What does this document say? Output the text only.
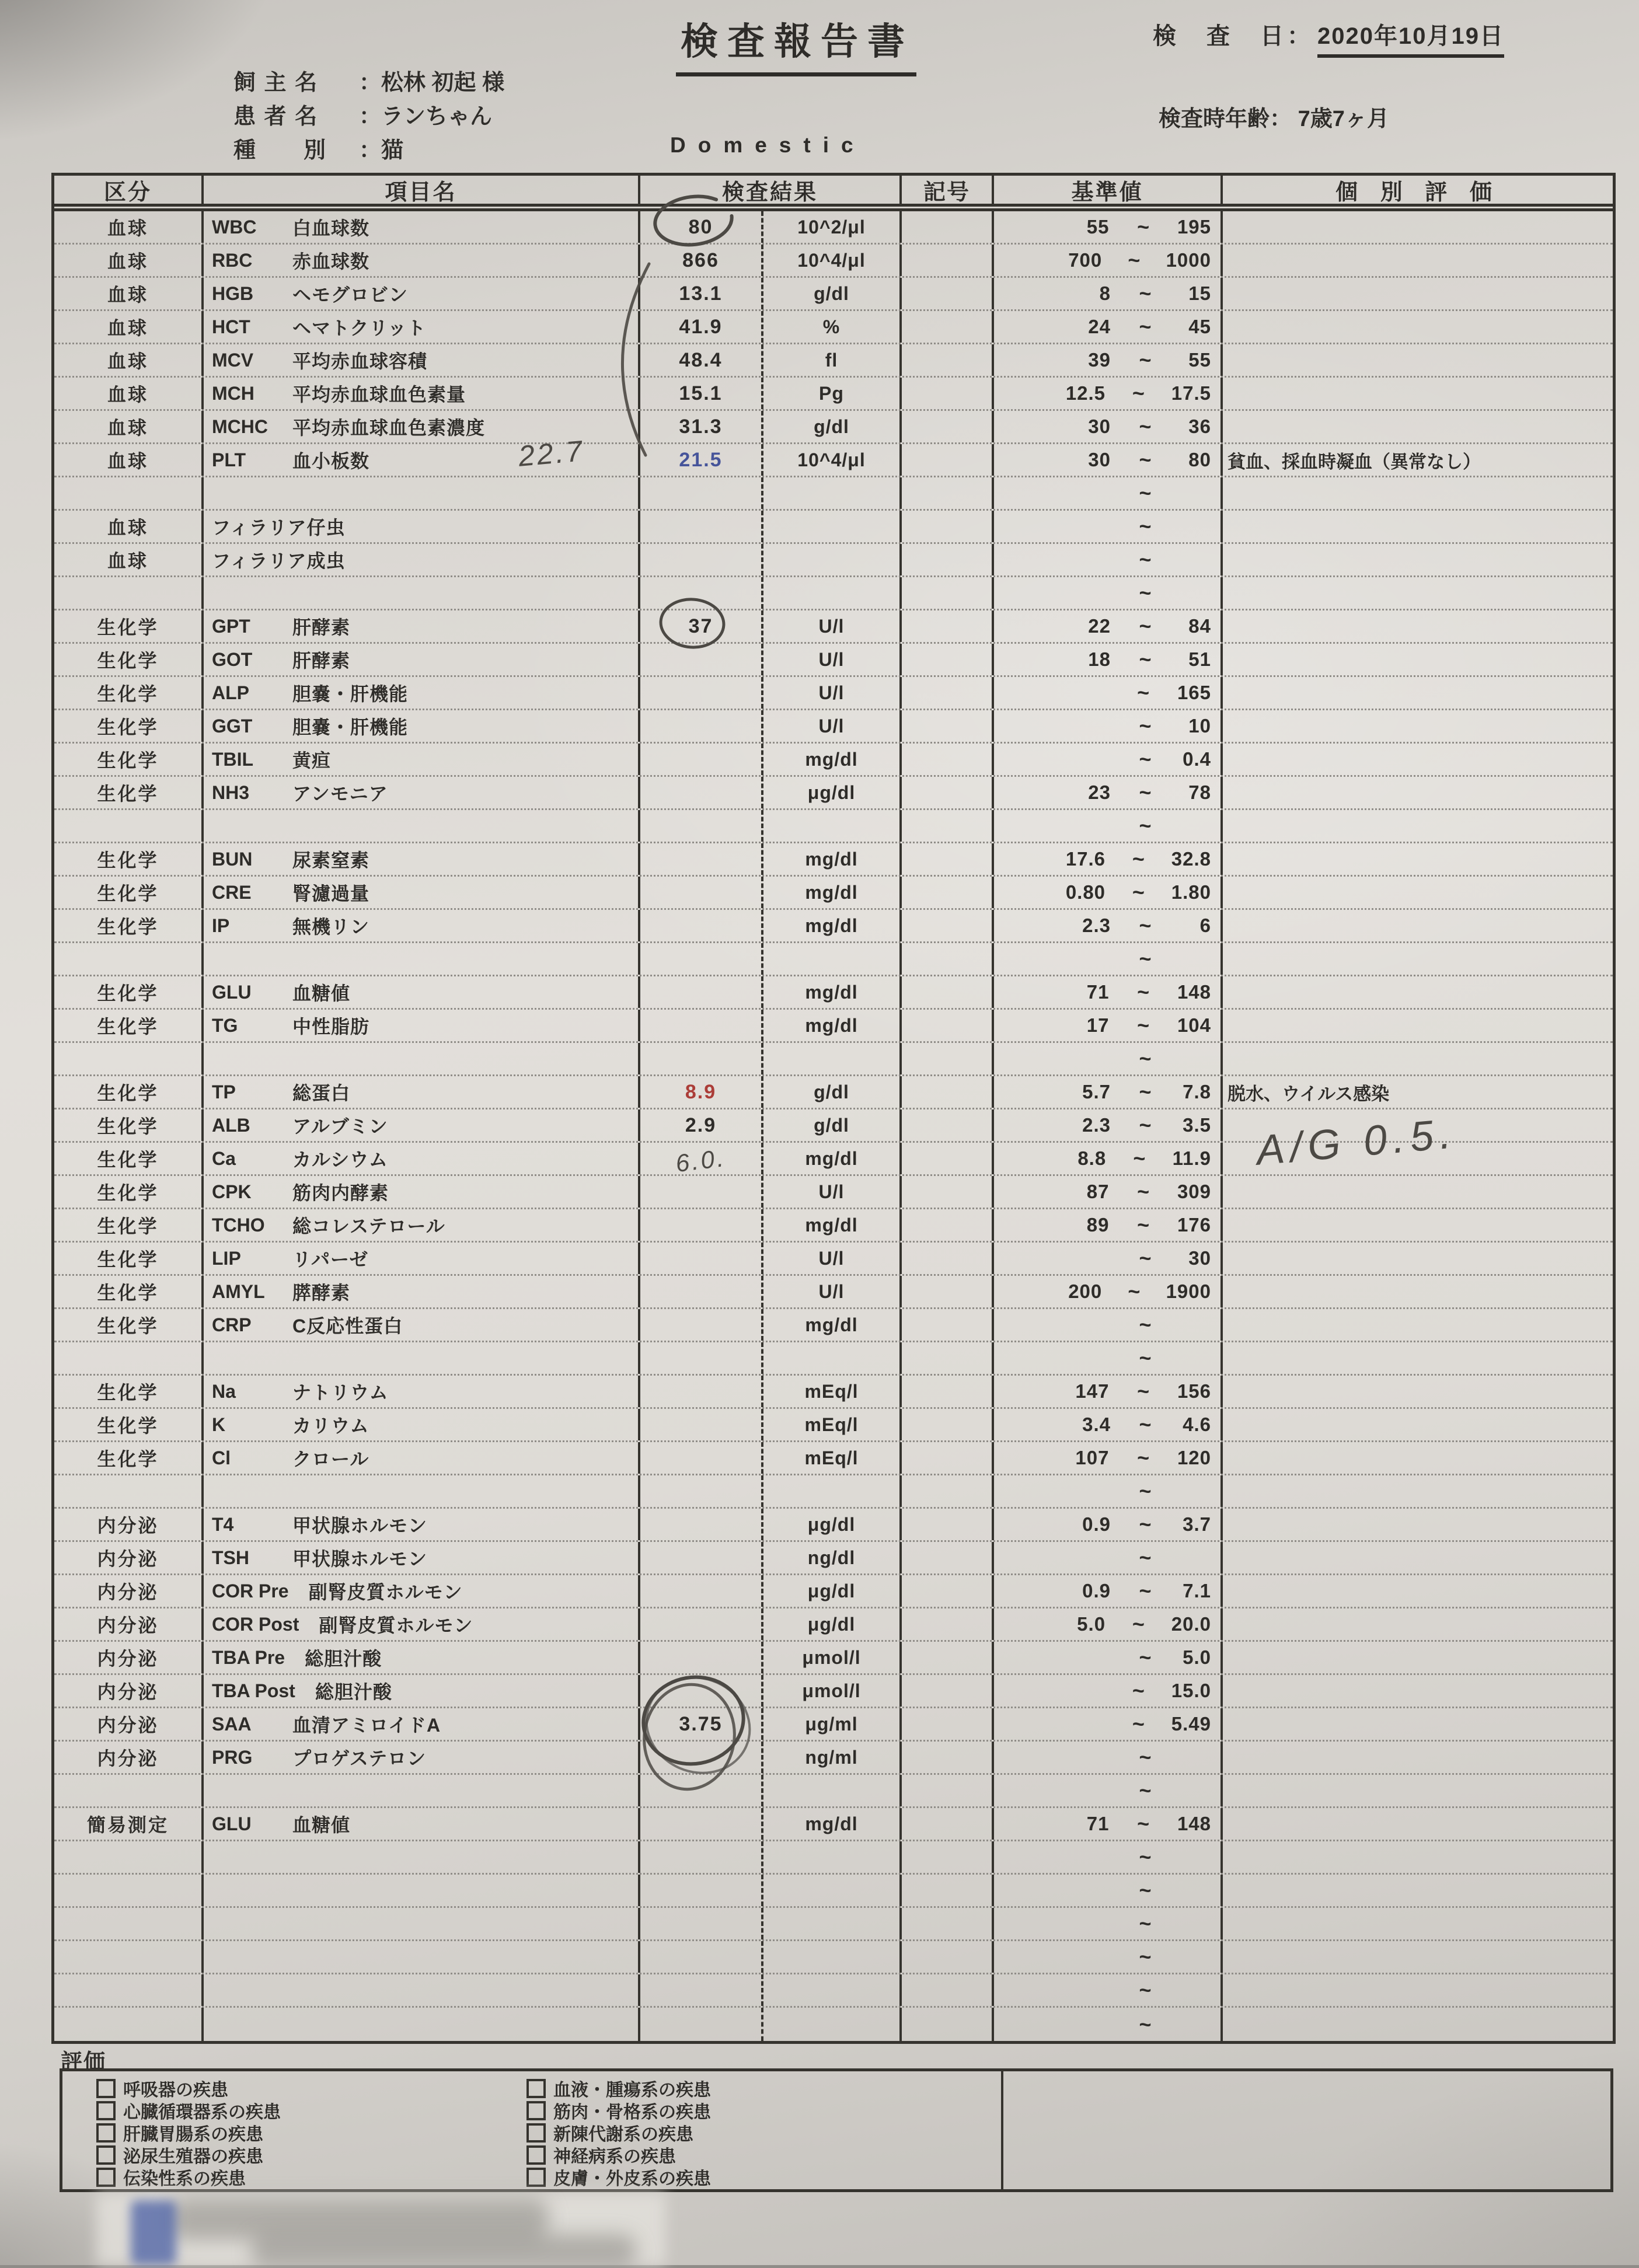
検査報告書	検　査　日： 2020年10月19日
検査時年齢： 7歳7ヶ月
飼 主 名	：松林 初起 様
患 者 名	：ランちゃん
種　　別	：猫	Domestic
区分	項目名	検査結果	記号	基準値	個 別 評 価
血球	WBC	白血球数	80	10^2/μl	55	~	195
血球	RBC	赤血球数	866	10^4/μl	700	~	1000
血球	HGB	ヘモグロビン	13.1	g/dl	8	~	15
血球	HCT	ヘマトクリット	41.9	%	24	~	45
血球	MCV	平均赤血球容積	48.4	fl	39	~	55
血球	MCH	平均赤血球血色素量	15.1	Pg	12.5	~	17.5
血球	MCHC 平均赤血球血色素濃度	31.3	g/dl	30	~	36
血球	PLT	血小板数	21.5	10^4/μl	30	~	80 貧血、採血時凝血（異常なし）
~
血球	フィラリア仔虫	~
血球	フィラリア成虫	~
~
生化学	GPT	肝酵素	37	U/l	22	~	84
生化学	GOT	肝酵素	U/l	18	~	51
生化学	ALP	胆嚢・肝機能	U/l	~	165
生化学	GGT	胆嚢・肝機能	U/l	~	10
生化学	TBIL	黄疸	mg/dl	~	0.4
生化学	NH3	アンモニア	μg/dl	23	~	78
~
生化学	BUN	尿素窒素	mg/dl	17.6	~	32.8
生化学	CRE	腎濾過量	mg/dl	0.80	~	1.80
生化学	IP	無機リン	mg/dl	2.3	~	6
~
生化学	GLU	血糖値	mg/dl	71	~	148
生化学	TG	中性脂肪	mg/dl	17	~	104
~
生化学	TP	総蛋白	8.9	g/dl	5.7	~	7.8 脱水、ウイルス感染
生化学	ALB	アルブミン	2.9	g/dl	2.3	~	3.5
生化学	Ca	カルシウム	6.0.	mg/dl	8.8	~	11.9
生化学	CPK	筋肉内酵素	U/l	87	~	309
生化学	TCHO	総コレステロール	mg/dl	89	~	176
生化学	LIP	リパーゼ	U/l	~	30
生化学	AMYL	膵酵素	U/l	200	~	1900
生化学	CRP	C反応性蛋白	mg/dl	~
~
生化学	Na	ナトリウム	mEq/l	147	~	156
生化学	K	カリウム	mEq/l	3.4	~	4.6
生化学	Cl	クロール	mEq/l	107	~	120
~
内分泌	T4	甲状腺ホルモン	μg/dl	0.9	~	3.7
内分泌	TSH	甲状腺ホルモン	ng/dl	~
内分泌	COR Pre 副腎皮質ホルモン	μg/dl	0.9	~	7.1
内分泌	COR Post 副腎皮質ホルモン	μg/dl	5.0	~	20.0
内分泌	TBA Pre 総胆汁酸	μmol/l	~	5.0
内分泌	TBA Post 総胆汁酸	μmol/l	~	15.0
内分泌	SAA	血清アミロイドA	3.75	μg/ml	~	5.49
内分泌	PRG	プロゲステロン	ng/ml	~
~
簡易測定	GLU	血糖値	mg/dl	71	~	148
~
~
~
~
~
~
22.7
A/G 0.5.
評価
呼吸器の疾患
心臓循環器系の疾患
肝臓胃腸系の疾患
泌尿生殖器の疾患
伝染性系の疾患
血液・腫瘍系の疾患
筋肉・骨格系の疾患
新陳代謝系の疾患
神経病系の疾患
皮膚・外皮系の疾患
